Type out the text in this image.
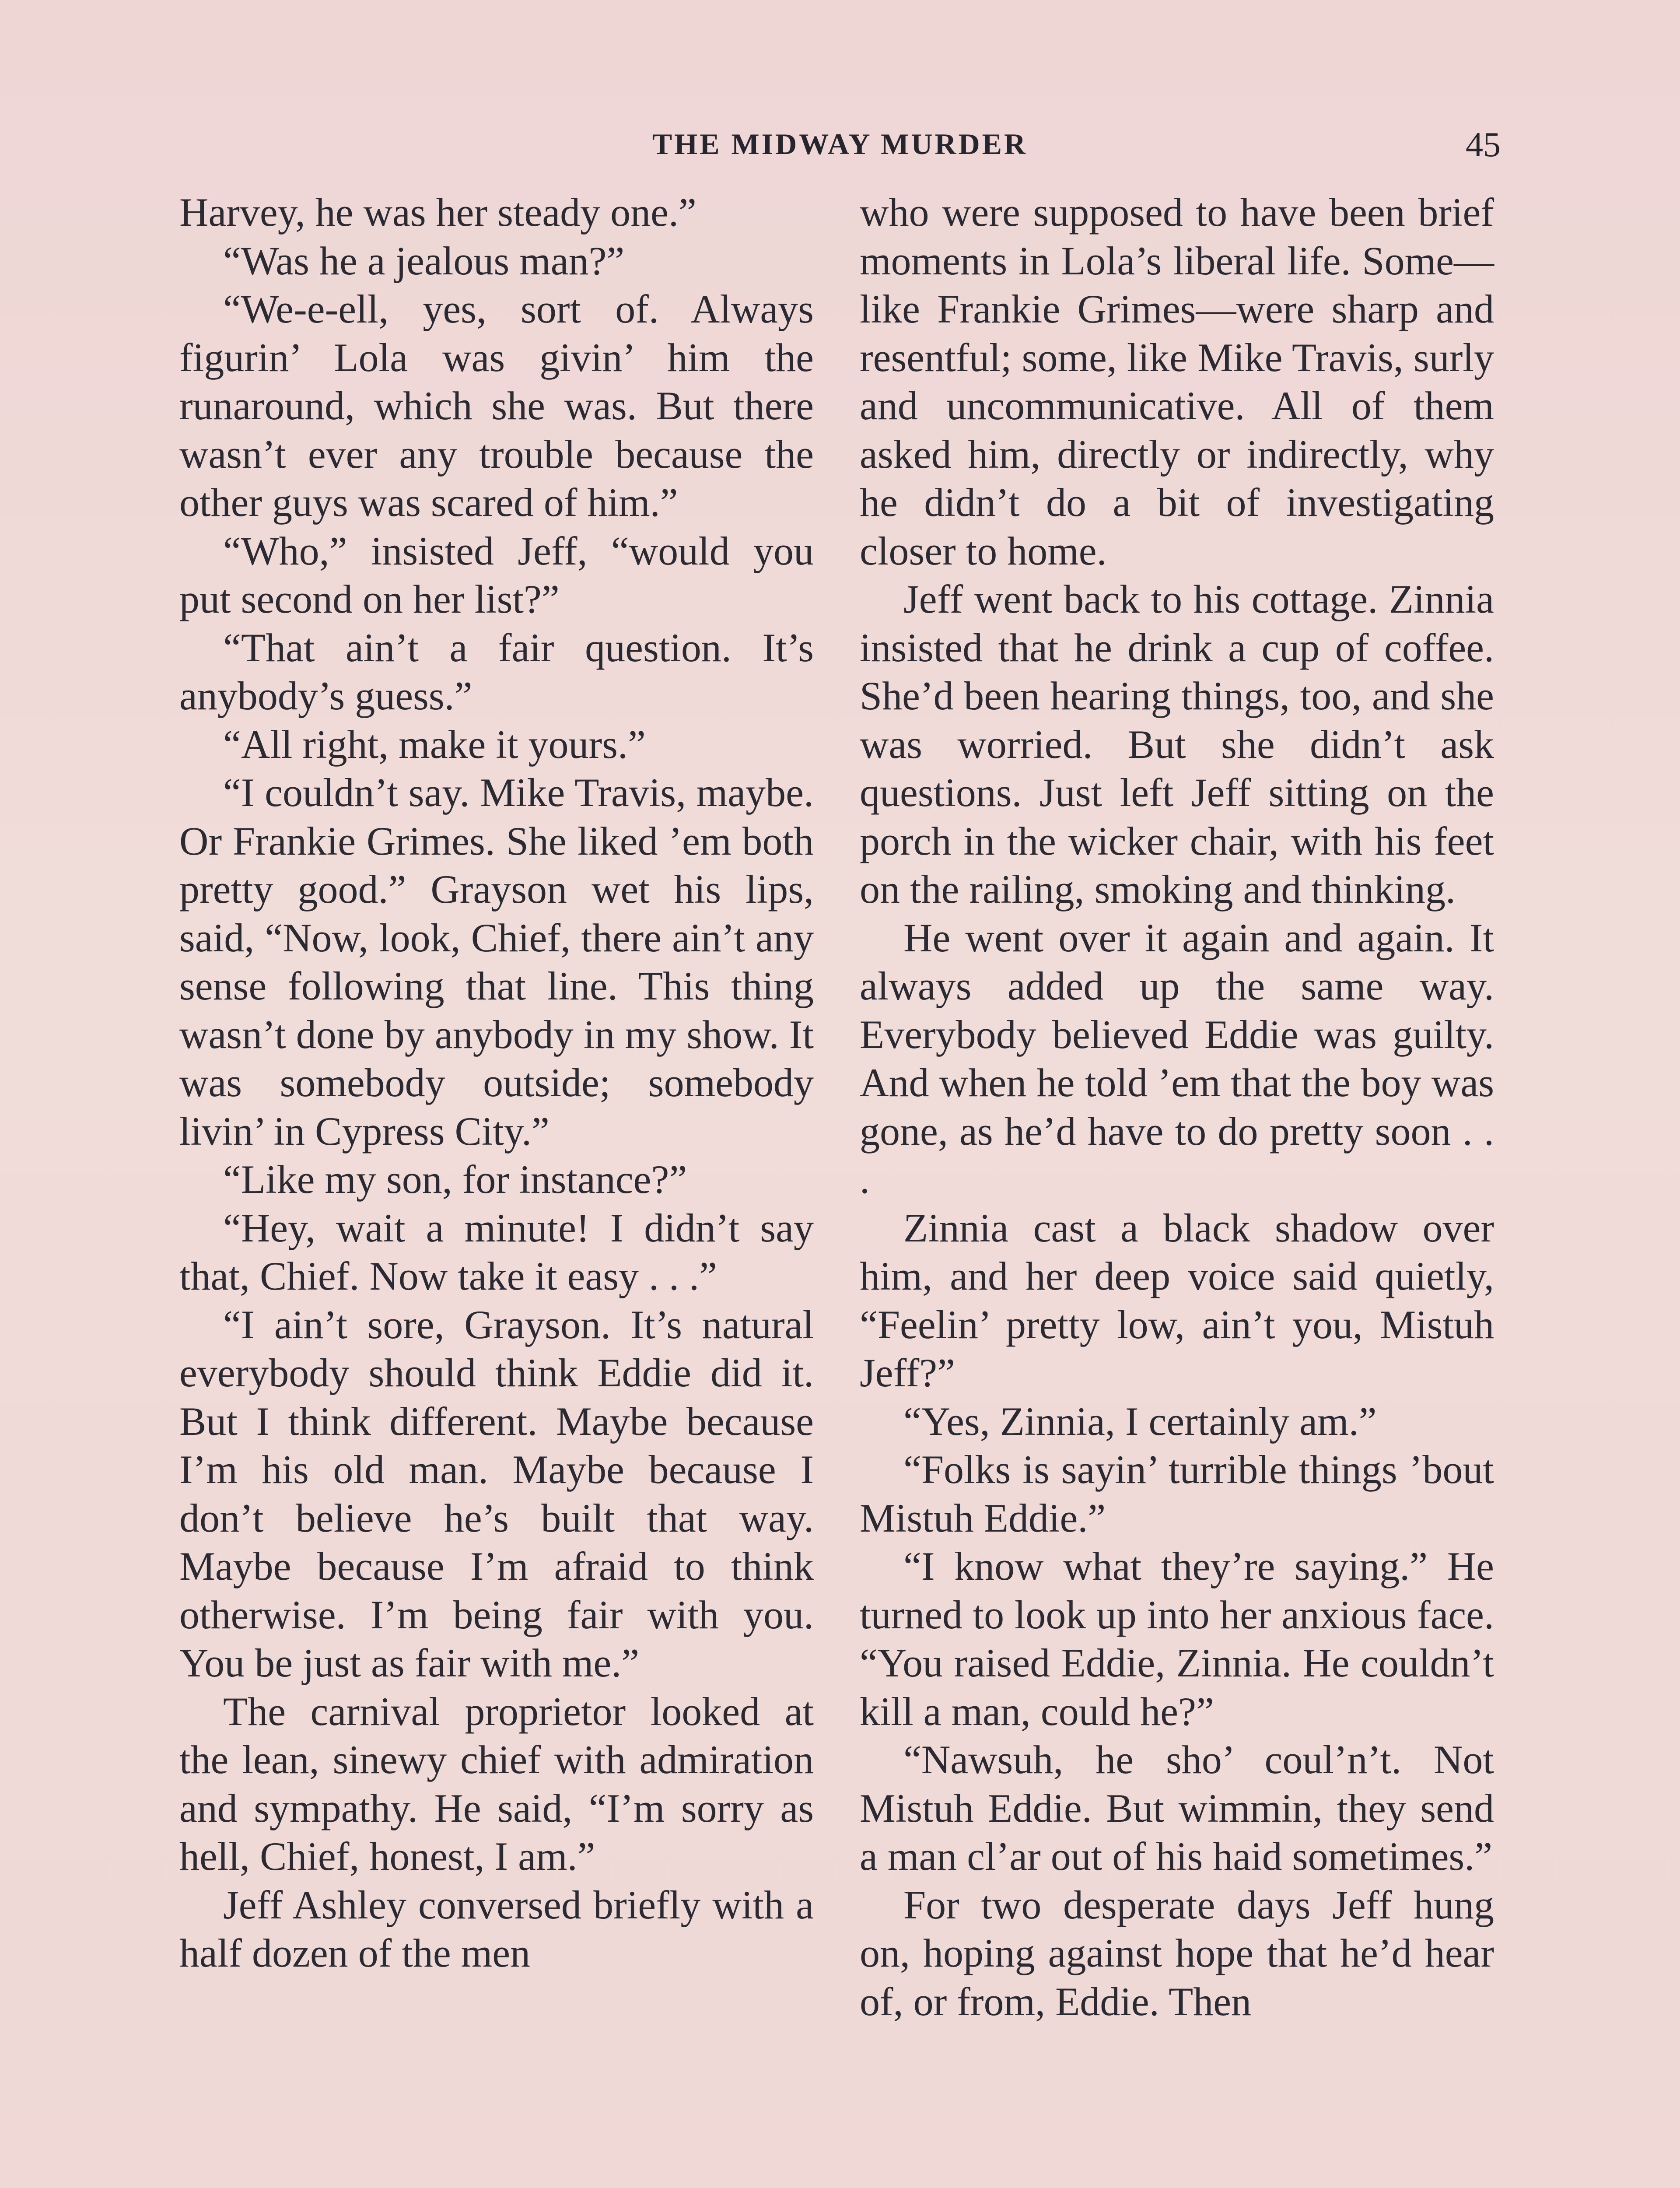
THE MIDWAY MURDER	45

Harvey, he was her steady one.”

“Was he a jealous man?”

“We-e-ell, yes, sort of. Always figurin’ Lola was givin’ him the runaround, which she was. But there wasn’t ever any trouble because the other guys was scared of him.”

“Who,” insisted Jeff, “would you put second on her list?”

“That ain’t a fair question. It’s anybody’s guess.”

“All right, make it yours.”

“I couldn’t say. Mike Travis, maybe. Or Frankie Grimes. She liked ’em both pretty good.” Grayson wet his lips, said, “Now, look, Chief, there ain’t any sense following that line. This thing wasn’t done by anybody in my show. It was somebody outside; somebody livin’ in Cypress City.”

“Like my son, for instance?”

“Hey, wait a minute! I didn’t say that, Chief. Now take it easy . . .”

“I ain’t sore, Grayson. It’s natural everybody should think Eddie did it. But I think different. Maybe because I’m his old man. Maybe because I don’t believe he’s built that way. Maybe because I’m afraid to think otherwise. I’m being fair with you. You be just as fair with me.”

The carnival proprietor looked at the lean, sinewy chief with admiration and sympathy. He said, “I’m sorry as hell, Chief, honest, I am.”

Jeff Ashley conversed briefly with a half dozen of the men

who were supposed to have been brief moments in Lola’s liberal life. Some—like Frankie Grimes—were sharp and resentful; some, like Mike Travis, surly and uncommunicative. All of them asked him, directly or indirectly, why he didn’t do a bit of investigating closer to home.

Jeff went back to his cottage. Zinnia insisted that he drink a cup of coffee. She’d been hearing things, too, and she was worried. But she didn’t ask questions. Just left Jeff sitting on the porch in the wicker chair, with his feet on the railing, smoking and thinking.

He went over it again and again. It always added up the same way. Everybody believed Eddie was guilty. And when he told ’em that the boy was gone, as he’d have to do pretty soon . . .

Zinnia cast a black shadow over him, and her deep voice said quietly, “Feelin’ pretty low, ain’t you, Mistuh Jeff?”

“Yes, Zinnia, I certainly am.”

“Folks is sayin’ turrible things ’bout Mistuh Eddie.”

“I know what they’re saying.” He turned to look up into her anxious face. “You raised Eddie, Zinnia. He couldn’t kill a man, could he?”

“Nawsuh, he sho’ coul’n’t. Not Mistuh Eddie. But wimmin, they send a man cl’ar out of his haid sometimes.”

For two desperate days Jeff hung on, hoping against hope that he’d hear of, or from, Eddie. Then
